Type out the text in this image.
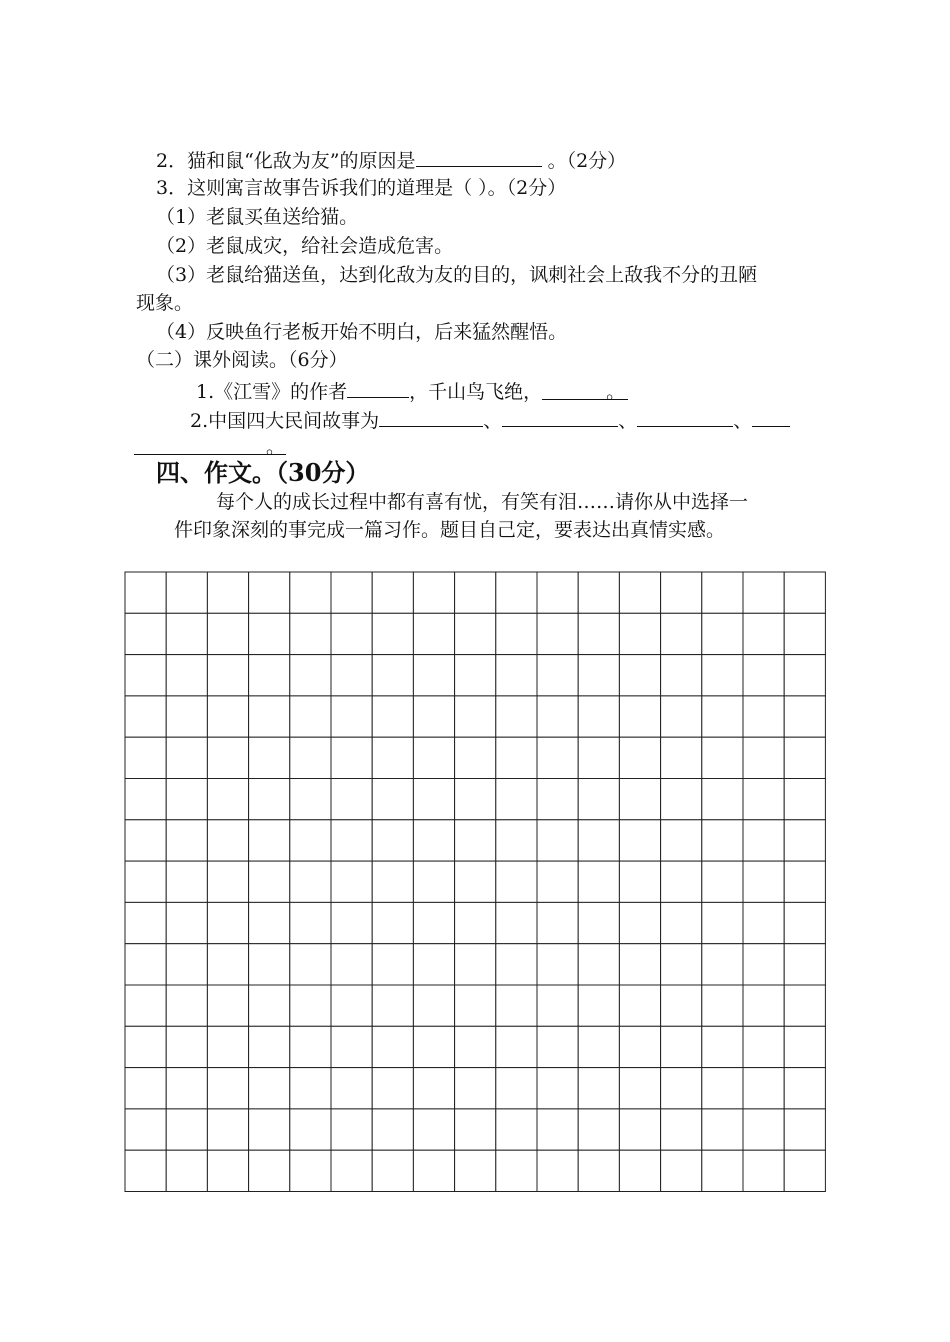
2．猫和鼠“化敌为友”的原因是	。（2分）
3．这则寓言故事告诉我们的道理是（ ）。（2分）
（1）老鼠买鱼送给猫。
（2）老鼠成灾，给社会造成危害。
（3）老鼠给猫送鱼，达到化敌为友的目的，讽刺社会上敌我不分的丑陋
现象。
（4）反映鱼行老板开始不明白，后来猛然醒悟。
（二）课外阅读。（6分）
1.《江雪》的作者	，千山鸟飞绝，	。
2.中国四大民间故事为	、	、	、
。
四、作文。（30分）
每个人的成长过程中都有喜有忧，有笑有泪……请你从中选择一
件印象深刻的事完成一篇习作。题目自己定，要表达出真情实感。
